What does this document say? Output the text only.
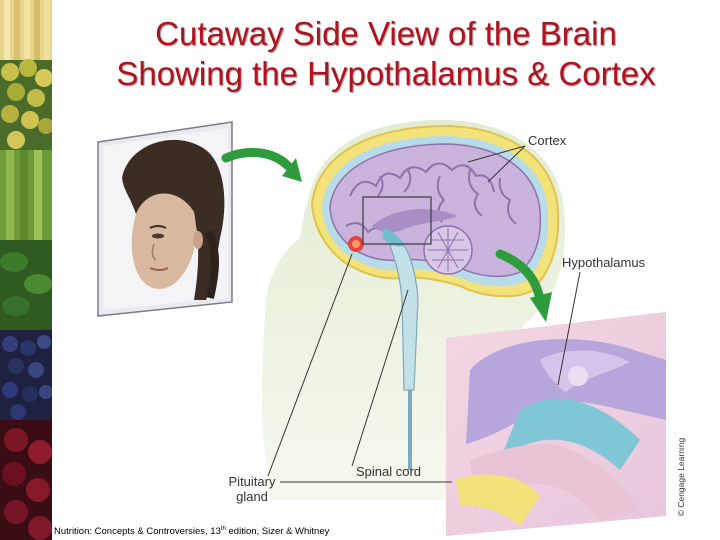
Cutaway Side View of the Brain
Showing the Hypothalamus & Cortex
Cortex
Hypothalamus
Pituitary
gland
Spinal cord
Nutrition: Concepts & Controversies, 13th edition, Sizer & Whitney
© Cengage Learning
